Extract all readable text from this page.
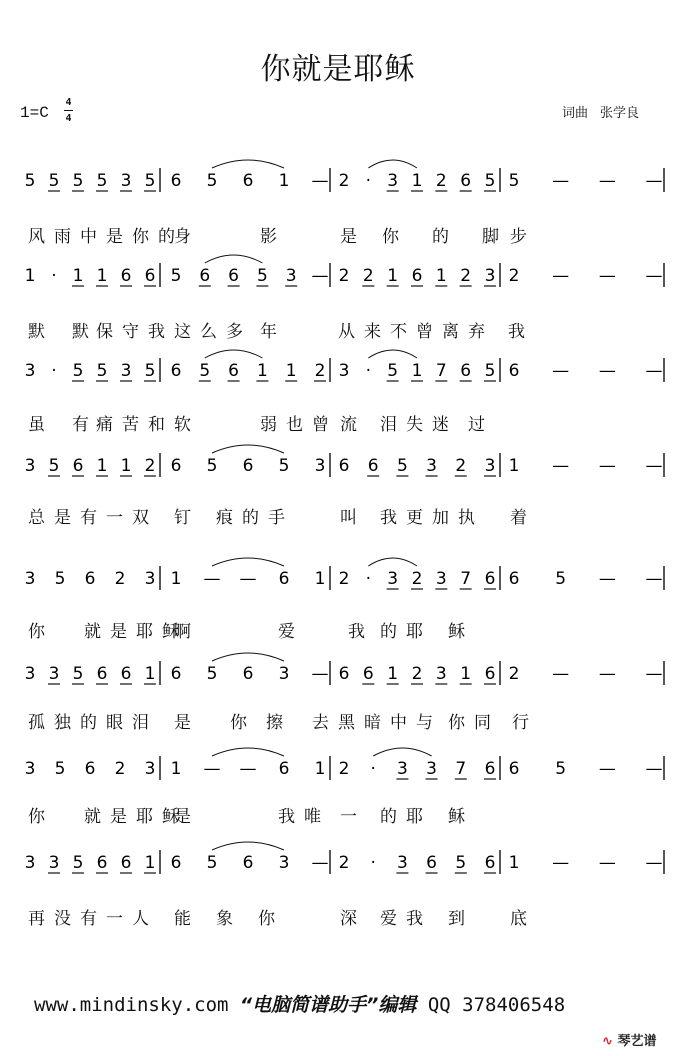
你就是耶稣
1=C
4
4	词曲 张学良
5 5 5 5 3 5 6 5 6 1 — 2 · 3 1 2 6 5 5 — — —
1 · 1 1 6 6 5 6 6 5 3 — 2 2 1 6 1 2 3 2 — — —
3 · 5 5 3 5 6 5 6 1 1 2 3 · 5 1 7 6 5 6 — — —
3 5 6 1 1 2 6 5 6 5 3 6 6 5 3 2 3 1 — — —
3 5 6 2 3 1 — — 6 1 2 · 3 2 3 7 6 6 5 — —
3 3 5 6 6 1 6 5 6 3 — 6 6 1 2 3 1 6 2 — — —
3 5 6 2 3 1 — — 6 1 2 · 3 3 7 6 6 5 — —
3 3 5 6 6 1 6 5 6 3 — 2 · 3 6 5 6 1 — — —
风 雨 中 是 你 的 身	影	是 你 的 脚 步
默 默 保 守 我 这 么 多 年	从 来 不 曾 离 弃 我
虽 有 痛 苦 和 软	弱 也 曾 流 泪 失 迷 过
总 是 有 一 双 钉 痕 的 手	叫 我 更 加 执 着
你 就 是 耶 稣
啊	爱	我 的 耶 稣
孤 独 的 眼 泪 是 你 擦 去 黑 暗 中 与 你 同 行
你 就 是 耶 稣
是	我 唯 一 的 耶 稣
再 没 有 一 人 能 象 你	深 爱 我 到	底
www.mindinsky.com “电脑简谱助手”编辑 QQ 378406548
∿ 琴艺谱
